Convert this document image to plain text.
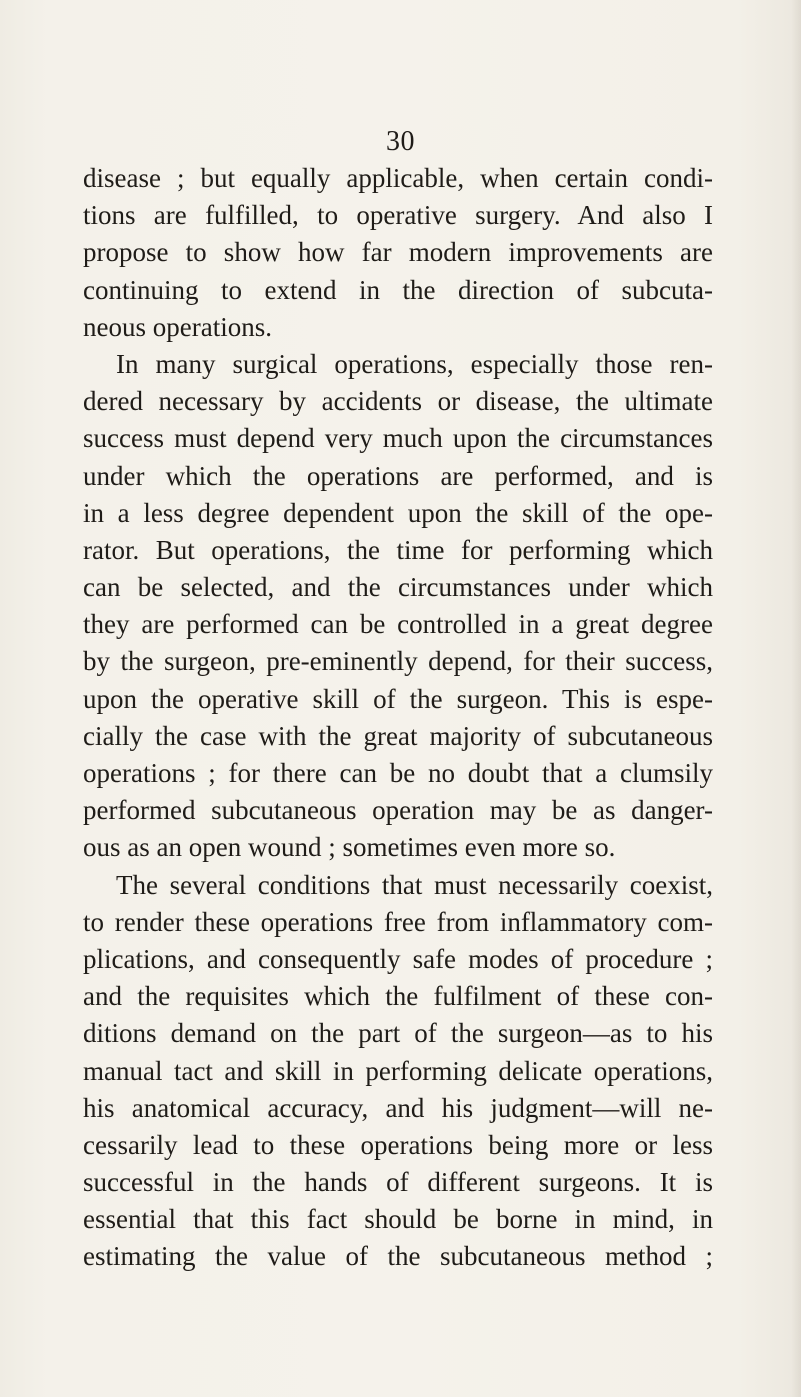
30
disease ; but equally applicable, when certain condi-
tions are fulfilled, to operative surgery. And also I
propose to show how far modern improvements are
continuing to extend in the direction of subcuta-
neous operations.
In many surgical operations, especially those ren-
dered necessary by accidents or disease, the ultimate
success must depend very much upon the circumstances
under which the operations are performed, and is
in a less degree dependent upon the skill of the ope-
rator. But operations, the time for performing which
can be selected, and the circumstances under which
they are performed can be controlled in a great degree
by the surgeon, pre-eminently depend, for their success,
upon the operative skill of the surgeon. This is espe-
cially the case with the great majority of subcutaneous
operations ; for there can be no doubt that a clumsily
performed subcutaneous operation may be as danger-
ous as an open wound ; sometimes even more so.
The several conditions that must necessarily coexist,
to render these operations free from inflammatory com-
plications, and consequently safe modes of procedure ;
and the requisites which the fulfilment of these con-
ditions demand on the part of the surgeon—as to his
manual tact and skill in performing delicate operations,
his anatomical accuracy, and his judgment—will ne-
cessarily lead to these operations being more or less
successful in the hands of different surgeons. It is
essential that this fact should be borne in mind, in
estimating the value of the subcutaneous method ;
